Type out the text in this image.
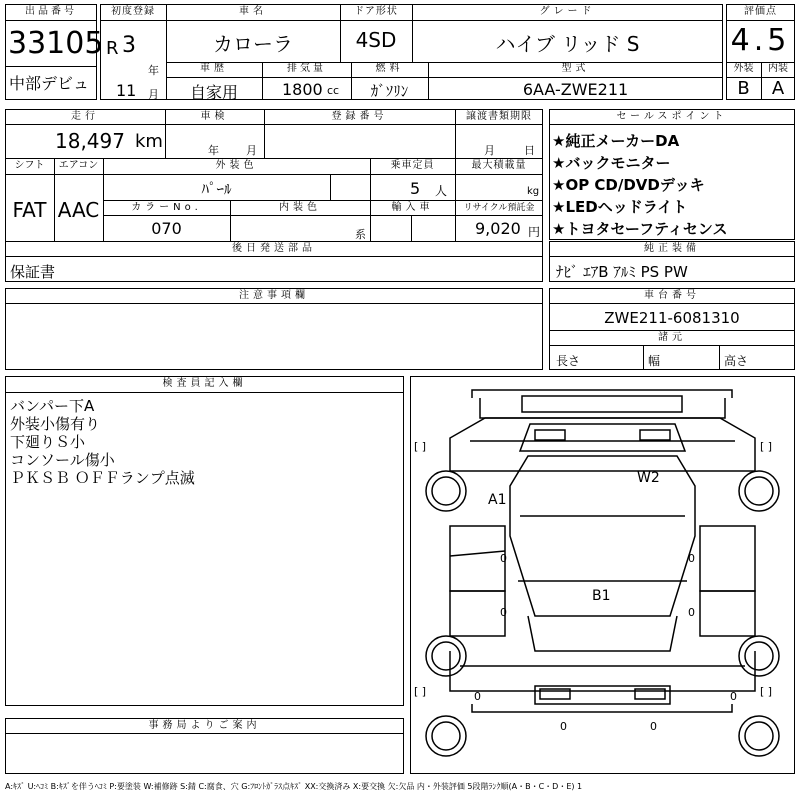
出品番号
33105
中部デビュ
初度登録
R 3
年
11 月
車名
カローラ
ドア形状
4SD
グレード
ハイブ リッド S
車歴
自家用
排気量
1800 cc
燃料
ｶﾞｿﾘﾝ
型式
6AA-ZWE211
評価点
4.5
外装	内装
B	A
走行
18,497 km
車検
年 月
登録番号	譲渡書類期限
月	日
シフト	エアコン
FAT AAC
外装色
ﾊﾟｰﾙ
乗車定員
5 人
最大積載量
kg
カラーNo.
070
内装色
系
輸入車	リサイクル預託金
9,020 円
後日発送部品
保証書
セールスポイント
★純正メーカーDA
★バックモニター
★OP CD/DVDデッキ
★LEDヘッドライト
★トヨタセーフティセンス
純正装備
ﾅﾋﾞ ｴｱB ｱﾙﾐ PS PW
注意事項欄	車台番号
ZWE211-6081310
諸元
長さ	幅	高さ
検査員記入欄
バンパー下A
外装小傷有り
下廻りＳ小
コンソール傷小
ＰＫＳＢ ＯＦＦランプ点滅
事務局よりご案内
A1
W2
B1
0	0
0	0
0	0
0	0
[ ]	[ ]
[ ]	[ ]
A:ｷｽﾞ U:ﾍｺﾐ B:ｷｽﾞを伴うﾍｺﾐ P:要塗装 W:補修跡 S:錆 C:腐食、穴 G:ﾌﾛﾝﾄｶﾞﾗｽ点ｷｽﾞ XX:交換済み X:要交換 欠:欠品 内・外装評価 5段階ﾗﾝｸ順(A・B・C・D・E) 1
